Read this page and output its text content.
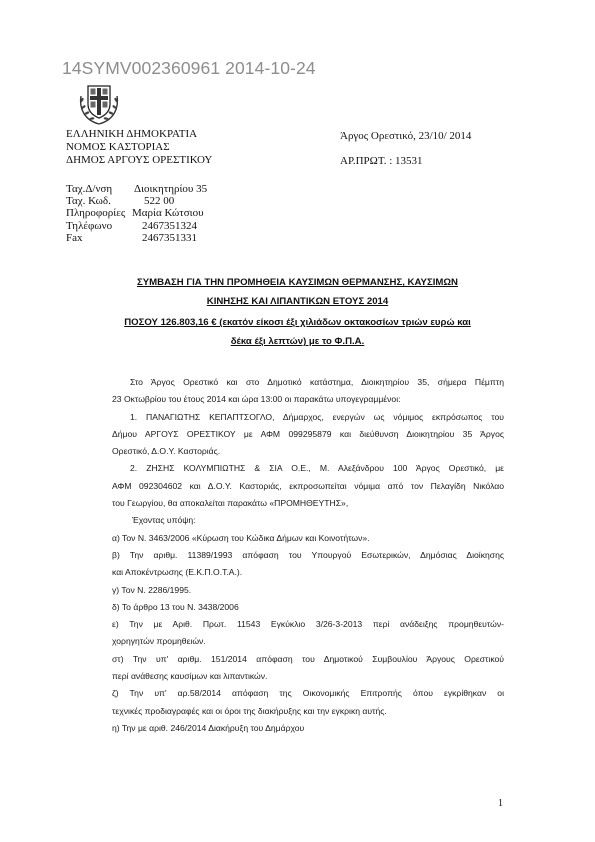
14SYMV002360961 2014-10-24
ΕΛΛΗΝΙΚΗ ΔΗΜΟΚΡΑΤΙΑ
ΝΟΜΟΣ ΚΑΣΤΟΡΙΑΣ
ΔΗΜΟΣ ΑΡΓΟΥΣ ΟΡΕΣΤΙΚΟΥ
Άργος Ορεστικό, 23/10/ 2014
ΑΡ.ΠΡΩΤ. : 13531
Ταχ.Δ/νση Διοικητηρίου 35
Ταχ. Κωδ.	522 00
Πληροφορίες Μαρία Κώτσιου
Τηλέφωνο	2467351324
Fax	2467351331
ΣΥΜΒΑΣΗ ΓΙΑ ΤΗΝ ΠΡΟΜΗΘΕΙΑ ΚΑΥΣΙΜΩΝ ΘΕΡΜΑΝΣΗΣ, ΚΑΥΣΙΜΩΝ
ΚΙΝΗΣΗΣ ΚΑΙ ΛΙΠΑΝΤΙΚΩΝ ΕΤΟΥΣ 2014
ΠΟΣΟΥ 126.803,16 € (εκατόν είκοσι έξι χιλιάδων οκτακοσίων τριών ευρώ και
δέκα έξι λεπτών) με το Φ.Π.Α.
Στο Άργος Ορεστικό και στο Δημοτικό κατάστημα, Διοικητηρίου 35, σήμερα Πέμπτη
23 Οκτωβρίου του έτους 2014 και ώρα 13:00 οι παρακάτω υπογεγραμμένοι:
1. ΠΑΝΑΓΙΩΤΗΣ ΚΕΠΑΠΤΣΟΓΛΟ, Δήμαρχος, ενεργών ως νόμιμος εκπρόσωπος του
Δήμου ΑΡΓΟΥΣ ΟΡΕΣΤΙΚΟΥ με ΑΦΜ 099295879 και διεύθυνση Διοικητηρίου 35 Άργος
Ορεστικό, Δ.Ο.Υ. Καστοριάς.
2. ΖΗΣΗΣ ΚΟΛΥΜΠΙΩΤΗΣ & ΣΙΑ Ο.Ε., Μ. Αλεξάνδρου 100 Άργος Ορεστικό, με
ΑΦΜ 092304602 και Δ.Ο.Υ. Καστοριάς, εκπροσωπείται νόμιμα από τον Πελαγίδη Νικόλαο
του Γεωργίου, θα αποκαλείται παρακάτω «ΠΡΟΜΗΘΕΥΤΗΣ»,
Έχοντας υπόψη:
α) Τον Ν. 3463/2006 «Κύρωση του Κώδικα Δήμων και Κοινοτήτων».
β) Την αριθμ. 11389/1993 απόφαση του Υπουργού Εσωτερικών, Δημόσιας Διοίκησης
και Αποκέντρωσης (Ε.Κ.Π.Ο.Τ.Α.).
γ) Τον Ν. 2286/1995.
δ) Το άρθρο 13 του Ν. 3438/2006
ε) Την με Αριθ. Πρωτ. 11543 Εγκύκλιο 3/26-3-2013 περί ανάδειξης προμηθευτών-
χορηγητών προμηθειών.
στ) Την υπ' αριθμ. 151/2014 απόφαση του Δημοτικού Συμβουλίου Άργους Ορεστικού
περί ανάθεσης καυσίμων και λιπαντικών.
ζ) Την υπ' αρ.58/2014 απόφαση της Οικονομικής Επιτροπής όπου εγκρίθηκαν οι
τεχνικές προδιαγραφές και οι όροι της διακήρυξης και την εγκρικη αυτής.
η) Την με αριθ. 246/2014 Διακήρυξη του Δημάρχου
1
